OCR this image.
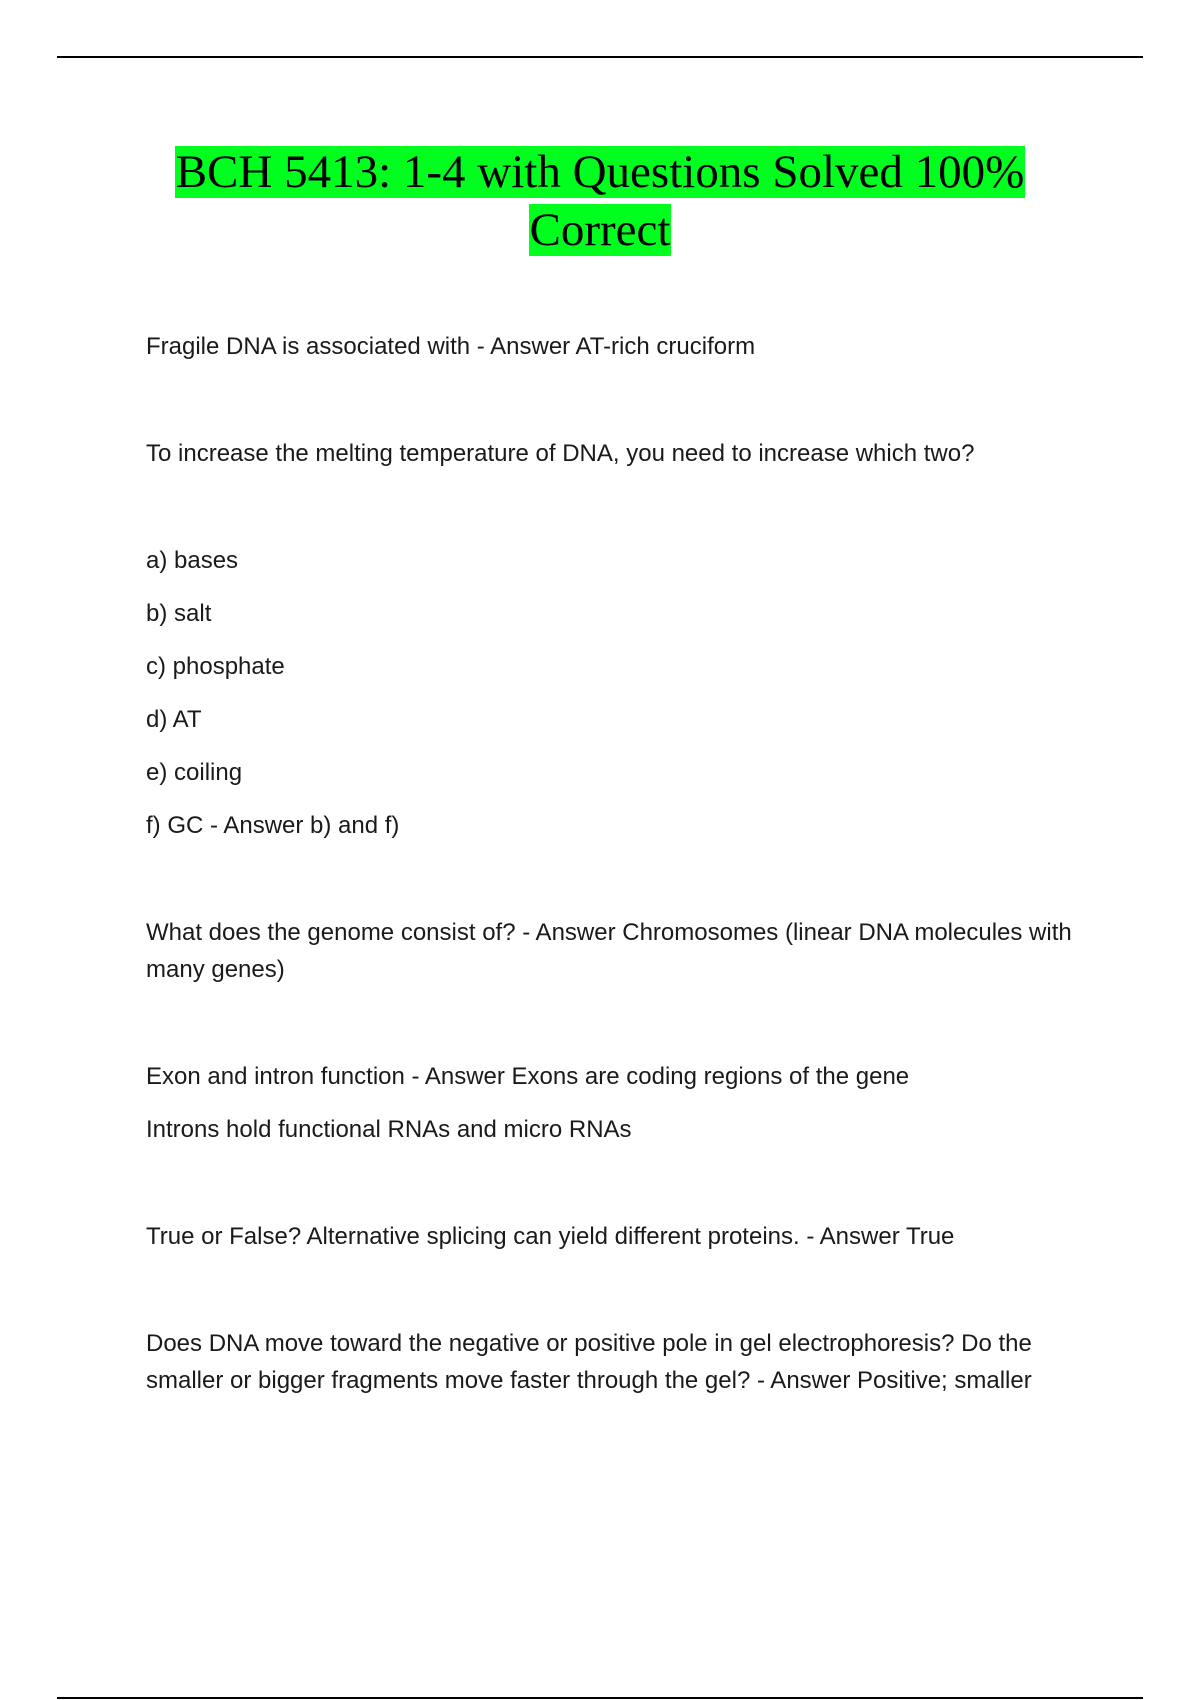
BCH 5413: 1-4 with Questions Solved 100%
Correct
Fragile DNA is associated with - Answer AT-rich cruciform
To increase the melting temperature of DNA, you need to increase which two?
a) bases
b) salt
c) phosphate
d) AT
e) coiling
f) GC - Answer b) and f)
What does the genome consist of? - Answer Chromosomes (linear DNA molecules with many genes)
Exon and intron function - Answer Exons are coding regions of the gene
Introns hold functional RNAs and micro RNAs
True or False? Alternative splicing can yield different proteins. - Answer True
Does DNA move toward the negative or positive pole in gel electrophoresis? Do the smaller or bigger fragments move faster through the gel? - Answer Positive; smaller
